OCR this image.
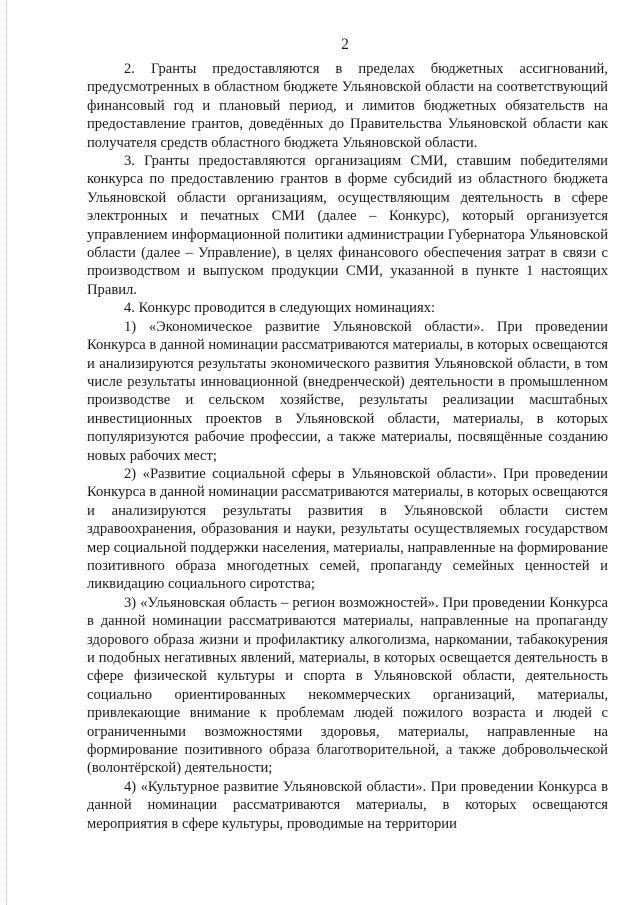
2

2. Гранты предоставляются в пределах бюджетных ассигнований, предусмотренных в областном бюджете Ульяновской области на соответствующий финансовый год и плановый период, и лимитов бюджетных обязательств на предоставление грантов, доведённых до Правительства Ульяновской области как получателя средств областного бюджета Ульяновской области.

3. Гранты предоставляются организациям СМИ, ставшим победителями конкурса по предоставлению грантов в форме субсидий из областного бюджета Ульяновской области организациям, осуществляющим деятельность в сфере электронных и печатных СМИ (далее – Конкурс), который организуется управлением информационной политики администрации Губернатора Ульяновской области (далее – Управление), в целях финансового обеспечения затрат в связи с производством и выпуском продукции СМИ, указанной в пункте 1 настоящих Правил.

4. Конкурс проводится в следующих номинациях:

1) «Экономическое развитие Ульяновской области». При проведении Конкурса в данной номинации рассматриваются материалы, в которых освещаются и анализируются результаты экономического развития Ульяновской области, в том числе результаты инновационной (внедренческой) деятельности в промышленном производстве и сельском хозяйстве, результаты реализации масштабных инвестиционных проектов в Ульяновской области, материалы, в которых популяризуются рабочие профессии, а также материалы, посвящённые созданию новых рабочих мест;

2) «Развитие социальной сферы в Ульяновской области». При проведении Конкурса в данной номинации рассматриваются материалы, в которых освещаются и анализируются результаты развития в Ульяновской области систем здравоохранения, образования и науки, результаты осуществляемых государством мер социальной поддержки населения, материалы, направленные на формирование позитивного образа многодетных семей, пропаганду семейных ценностей и ликвидацию социального сиротства;

3) «Ульяновская область – регион возможностей». При проведении Конкурса в данной номинации рассматриваются материалы, направленные на пропаганду здорового образа жизни и профилактику алкоголизма, наркомании, табакокурения и подобных негативных явлений, материалы, в которых освещается деятельность в сфере физической культуры и спорта в Ульяновской области, деятельность социально ориентированных некоммерческих организаций, материалы, привлекающие внимание к проблемам людей пожилого возраста и людей с ограниченными возможностями здоровья, материалы, направленные на формирование позитивного образа благотворительной, а также добровольческой (волонтёрской) деятельности;

4) «Культурное развитие Ульяновской области». При проведении Конкурса в данной номинации рассматриваются материалы, в которых освещаются мероприятия в сфере культуры, проводимые на территории
